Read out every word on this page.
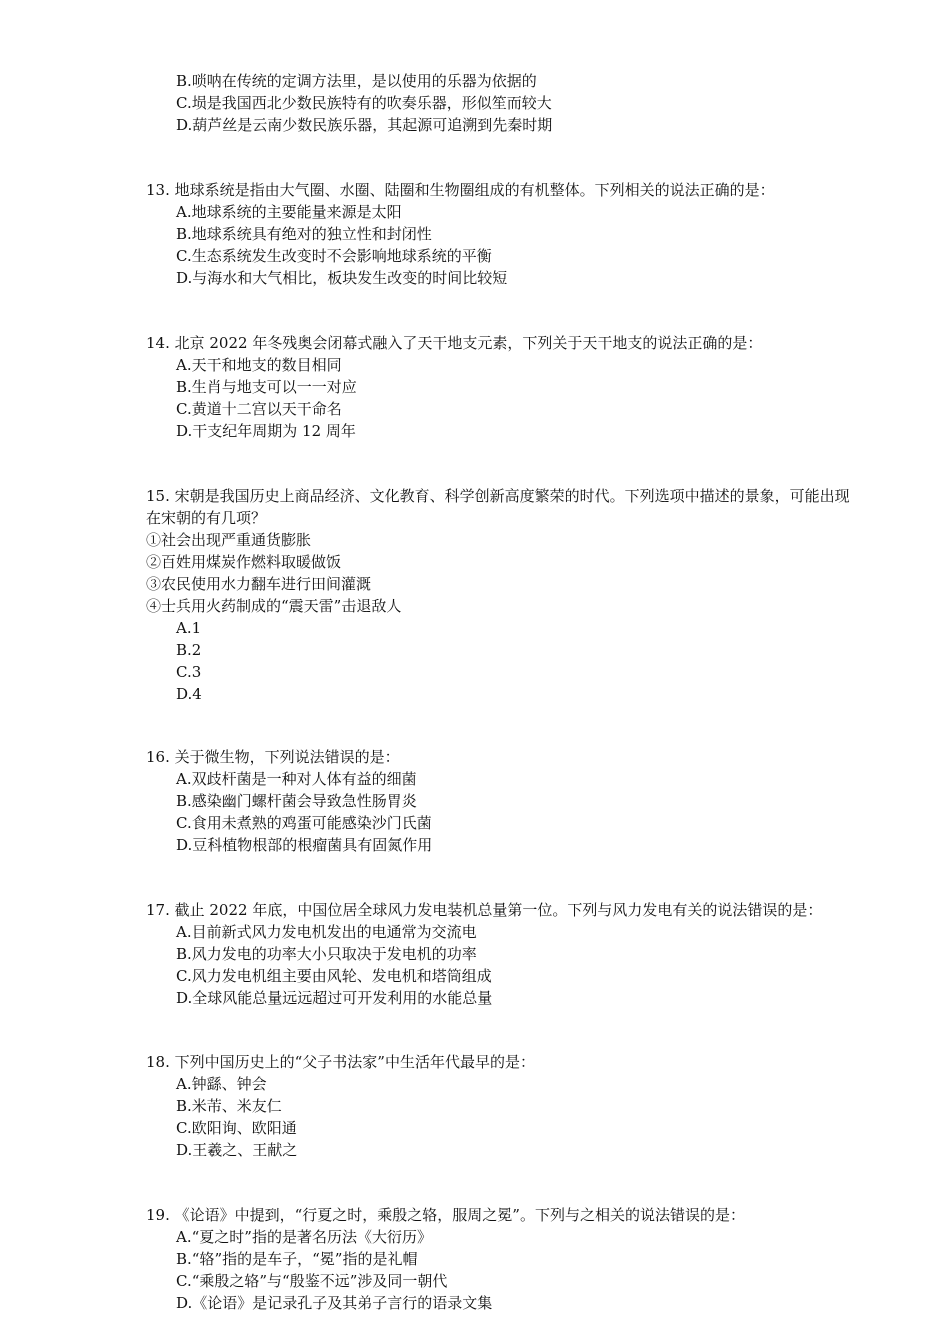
B.唢呐在传统的定调方法里，是以使用的乐器为依据的
C.埙是我国西北少数民族特有的吹奏乐器，形似笙而较大
D.葫芦丝是云南少数民族乐器，其起源可追溯到先秦时期
13. 地球系统是指由大气圈、水圈、陆圈和生物圈组成的有机整体。下列相关的说法正确的是：
A.地球系统的主要能量来源是太阳
B.地球系统具有绝对的独立性和封闭性
C.生态系统发生改变时不会影响地球系统的平衡
D.与海水和大气相比，板块发生改变的时间比较短
14. 北京 2022 年冬残奥会闭幕式融入了天干地支元素，下列关于天干地支的说法正确的是：
A.天干和地支的数目相同
B.生肖与地支可以一一对应
C.黄道十二宫以天干命名
D.干支纪年周期为 12 周年
15. 宋朝是我国历史上商品经济、文化教育、科学创新高度繁荣的时代。下列选项中描述的景象，可能出现
在宋朝的有几项？
①社会出现严重通货膨胀
②百姓用煤炭作燃料取暖做饭
③农民使用水力翻车进行田间灌溉
④士兵用火药制成的“震天雷”击退敌人
A.1
B.2
C.3
D.4
16. 关于微生物，下列说法错误的是：
A.双歧杆菌是一种对人体有益的细菌
B.感染幽门螺杆菌会导致急性肠胃炎
C.食用未煮熟的鸡蛋可能感染沙门氏菌
D.豆科植物根部的根瘤菌具有固氮作用
17. 截止 2022 年底，中国位居全球风力发电装机总量第一位。下列与风力发电有关的说法错误的是：
A.目前新式风力发电机发出的电通常为交流电
B.风力发电的功率大小只取决于发电机的功率
C.风力发电机组主要由风轮、发电机和塔筒组成
D.全球风能总量远远超过可开发利用的水能总量
18. 下列中国历史上的“父子书法家”中生活年代最早的是：
A.钟繇、钟会
B.米芾、米友仁
C.欧阳询、欧阳通
D.王羲之、王献之
19. 《论语》中提到，“行夏之时，乘殷之辂，服周之冕”。下列与之相关的说法错误的是：
A.“夏之时”指的是著名历法《大衍历》
B.“辂”指的是车子，“冕”指的是礼帽
C.“乘殷之辂”与“殷鉴不远”涉及同一朝代
D.《论语》是记录孔子及其弟子言行的语录文集
